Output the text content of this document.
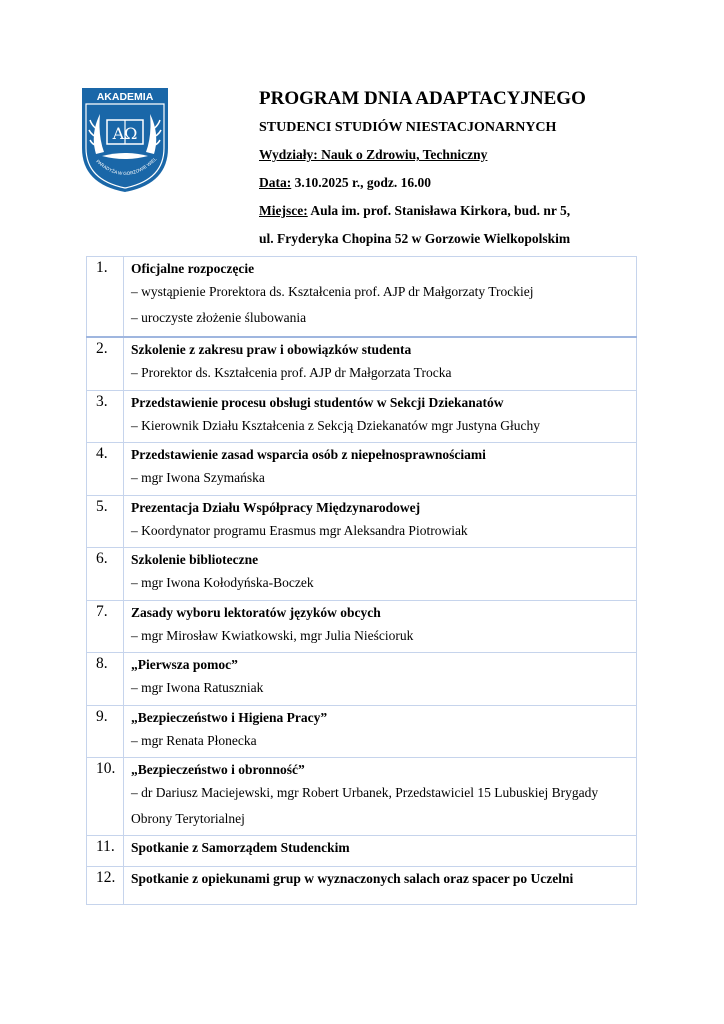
AKADEMIA
AΩ
PARADYŻA W GORZOWIE WIEL
PROGRAM DNIA ADAPTACYJNEGO
STUDENCI STUDIÓW NIESTACJONARNYCH
Wydziały: Nauk o Zdrowiu, Techniczny
Data: 3.10.2025 r., godz. 16.00
Miejsce: Aula im. prof. Stanisława Kirkora, bud. nr 5,
ul. Fryderyka Chopina 52 w Gorzowie Wielkopolskim
1.	Oficjalne rozpoczęcie
– wystąpienie Prorektora ds. Kształcenia prof. AJP dr Małgorzaty Trockiej
– uroczyste złożenie ślubowania

2.	Szkolenie z zakresu praw i obowiązków studenta
– Prorektor ds. Kształcenia prof. AJP dr Małgorzata Trocka

3.	Przedstawienie procesu obsługi studentów w Sekcji Dziekanatów
– Kierownik Działu Kształcenia z Sekcją Dziekanatów mgr Justyna Głuchy

4.	Przedstawienie zasad wsparcia osób z niepełnosprawnościami
– mgr Iwona Szymańska

5.	Prezentacja Działu Współpracy Międzynarodowej
– Koordynator programu Erasmus mgr Aleksandra Piotrowiak

6.	Szkolenie biblioteczne
– mgr Iwona Kołodyńska-Boczek

7.	Zasady wyboru lektoratów języków obcych
– mgr Mirosław Kwiatkowski, mgr Julia Nieścioruk

8.	„Pierwsza pomoc”
– mgr Iwona Ratuszniak

9.	„Bezpieczeństwo i Higiena Pracy”
– mgr Renata Płonecka

10.	„Bezpieczeństwo i obronność”
– dr Dariusz Maciejewski, mgr Robert Urbanek, Przedstawiciel 15 Lubuskiej Brygady
Obrony Terytorialnej

11.	Spotkanie z Samorządem Studenckim

12.	Spotkanie z opiekunami grup w wyznaczonych salach oraz spacer po Uczelni
